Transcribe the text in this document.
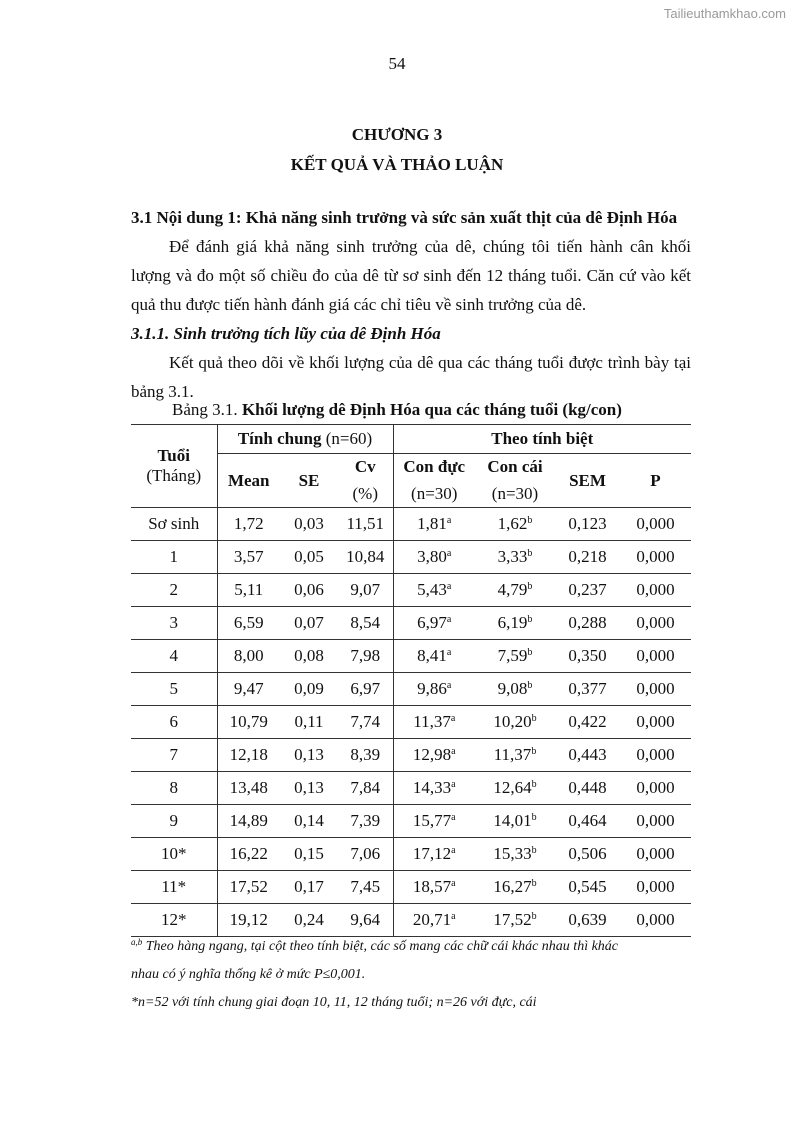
Tailieuthamkhao.com
54
CHƯƠNG 3
KẾT QUẢ VÀ THẢO LUẬN

3.1 Nội dung 1: Khả năng sinh trưởng và sức sản xuất thịt của dê Định Hóa

Để đánh giá khả năng sinh trưởng của dê, chúng tôi tiến hành cân khối lượng và đo một số chiều đo của dê từ sơ sinh đến 12 tháng tuổi. Căn cứ vào kết quả thu được tiến hành đánh giá các chỉ tiêu về sinh trưởng của dê.

3.1.1. Sinh trưởng tích lũy của dê Định Hóa

Kết quả theo dõi về khối lượng của dê qua các tháng tuổi được trình bày tại bảng 3.1.

Bảng 3.1. Khối lượng dê Định Hóa qua các tháng tuổi (kg/con)
Tuổi
(Tháng)	Tính chung (n=60)			Theo tính biệt			
	Mean	SE	Cv	Con đực	Con cái	SEM	P
			(%)	(n=30)	(n=30)		
Sơ sinh	1,72	0,03	11,51	1,81$^a$	1,62$^b$	0,123	0,000
1	3,57	0,05	10,84	3,80$^a$	3,33$^b$	0,218	0,000
2	5,11	0,06	9,07	5,43$^a$	4,79$^b$	0,237	0,000
3	6,59	0,07	8,54	6,97$^a$	6,19$^b$	0,288	0,000
4	8,00	0,08	7,98	8,41$^a$	7,59$^b$	0,350	0,000
5	9,47	0,09	6,97	9,86$^a$	9,08$^b$	0,377	0,000
6	10,79	0,11	7,74	11,37$^a$	10,20$^b$	0,422	0,000
7	12,18	0,13	8,39	12,98$^a$	11,37$^b$	0,443	0,000
8	13,48	0,13	7,84	14,33$^a$	12,64$^b$	0,448	0,000
9	14,89	0,14	7,39	15,77$^a$	14,01$^b$	0,464	0,000
10*	16,22	0,15	7,06	17,12$^a$	15,33$^b$	0,506	0,000
11*	17,52	0,17	7,45	18,57$^a$	16,27$^b$	0,545	0,000
12*	19,12	0,24	9,64	20,71$^a$	17,52$^b$	0,639	0,000

$^{a,b}$ Theo hàng ngang, tại cột theo tính biệt, các số mang các chữ cái khác nhau thì khác

nhau có ý nghĩa thống kê ở mức P≤0,001.

*n=52 với tính chung giai đoạn 10, 11, 12 tháng tuổi; n=26 với đực, cái
